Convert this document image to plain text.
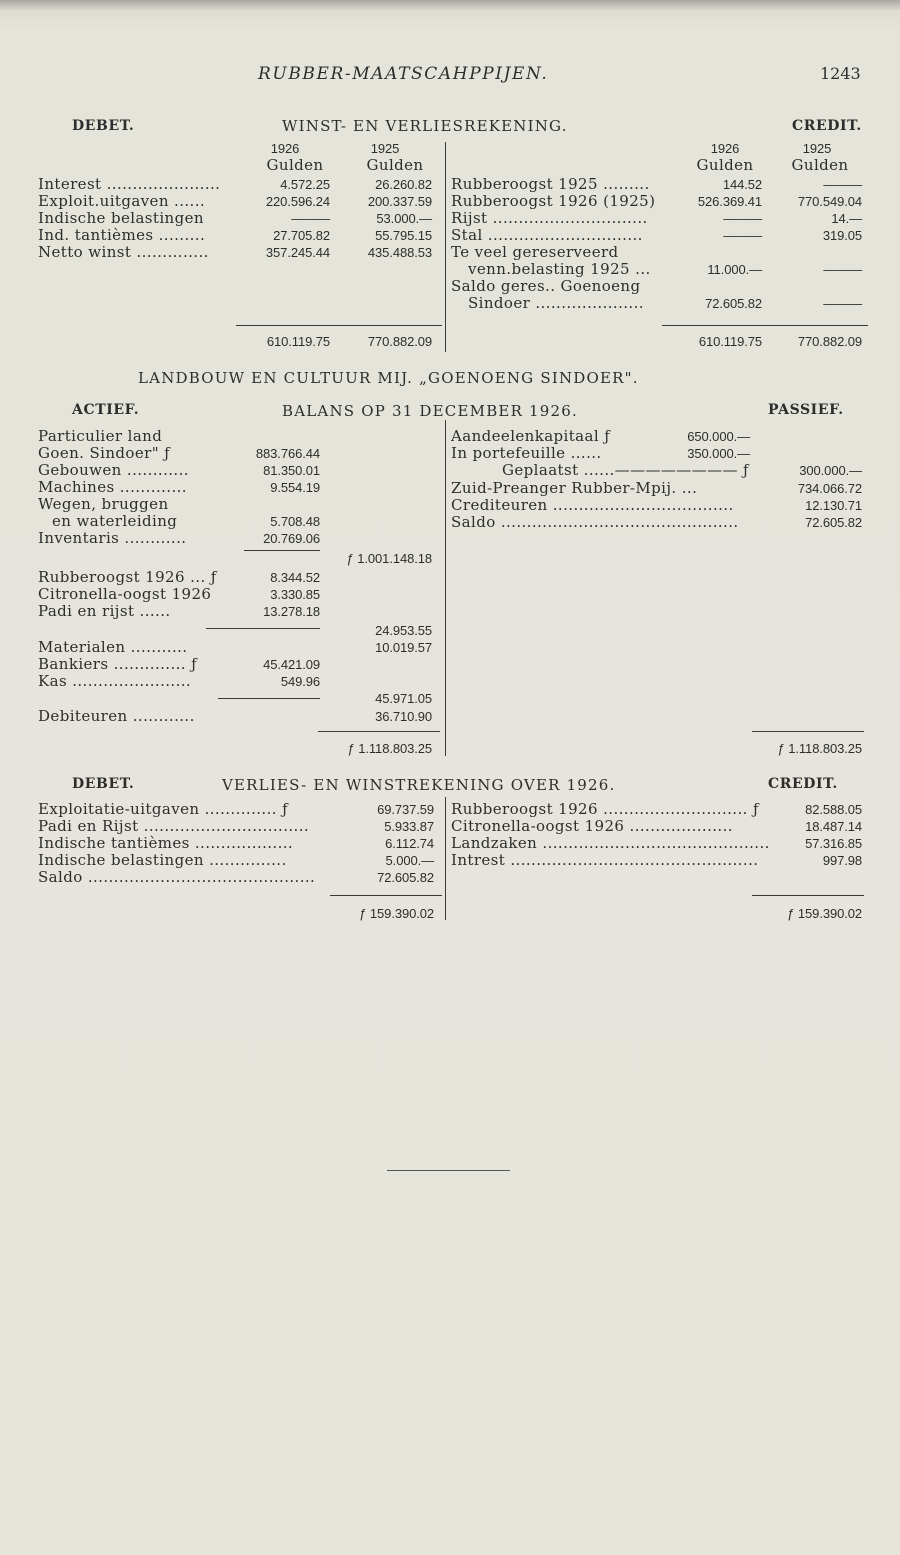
RUBBER-MAATSCAHPPIJEN.	1243
DEBET.	WINST- EN VERLIESREKENING.	CREDIT.
1926	1925
Gulden	Gulden
1926	1925
Gulden	Gulden
Interest ......................	4.572.25	26.260.82
Exploit.uitgaven ......	220.596.24	200.337.59
Indische belastingen	———	53.000.—
Ind. tantièmes .........	27.705.82	55.795.15
Netto winst ..............	357.245.44	435.488.53
Rubberoogst 1925 .........	144.52	———
Rubberoogst 1926 (1925)	526.369.41	770.549.04
Rijst ..............................	———	14.—
Stal ..............................	———	319.05
Te veel gereserveerd
venn.belasting 1925 ...	11.000.—	———
Saldo geres.. Goenoeng
Sindoer .....................	72.605.82	———
610.119.75	770.882.09	610.119.75	770.882.09
LANDBOUW EN CULTUUR MIJ. „GOENOENG SINDOER".
ACTIEF.	BALANS OP 31 DECEMBER 1926.	PASSIEF.
Particulier land
Goen. Sindoer" ƒ	883.766.44
Gebouwen ............	81.350.01
Machines .............	9.554.19
Wegen, bruggen
en waterleiding	5.708.48
Inventaris ............	20.769.06
ƒ 1.001.148.18
Rubberoogst 1926 ... ƒ	8.344.52
Citronella-oogst 1926	3.330.85
Padi en rijst ......	13.278.18
24.953.55
Materialen ...........	10.019.57
Bankiers .............. ƒ	45.421.09
Kas .......................	549.96
45.971.05
Debiteuren ............	36.710.90
Aandeelenkapitaal ƒ	650.000.—
In portefeuille ......	350.000.—
Geplaatst ......———————— ƒ	300.000.—
Zuid-Preanger Rubber-Mpij. ...	734.066.72
Crediteuren ...................................	12.130.71
Saldo ..............................................	72.605.82
ƒ 1.118.803.25	ƒ 1.118.803.25
DEBET.	VERLIES- EN WINSTREKENING OVER 1926.	CREDIT.
Exploitatie-uitgaven .............. ƒ	69.737.59
Padi en Rijst ................................	5.933.87
Indische tantièmes ...................	6.112.74
Indische belastingen ...............	5.000.—
Saldo ............................................	72.605.82
Rubberoogst 1926 ............................ ƒ	82.588.05
Citronella-oogst 1926 ....................	18.487.14
Landzaken ............................................	57.316.85
Intrest ................................................	997.98
ƒ 159.390.02	ƒ 159.390.02
